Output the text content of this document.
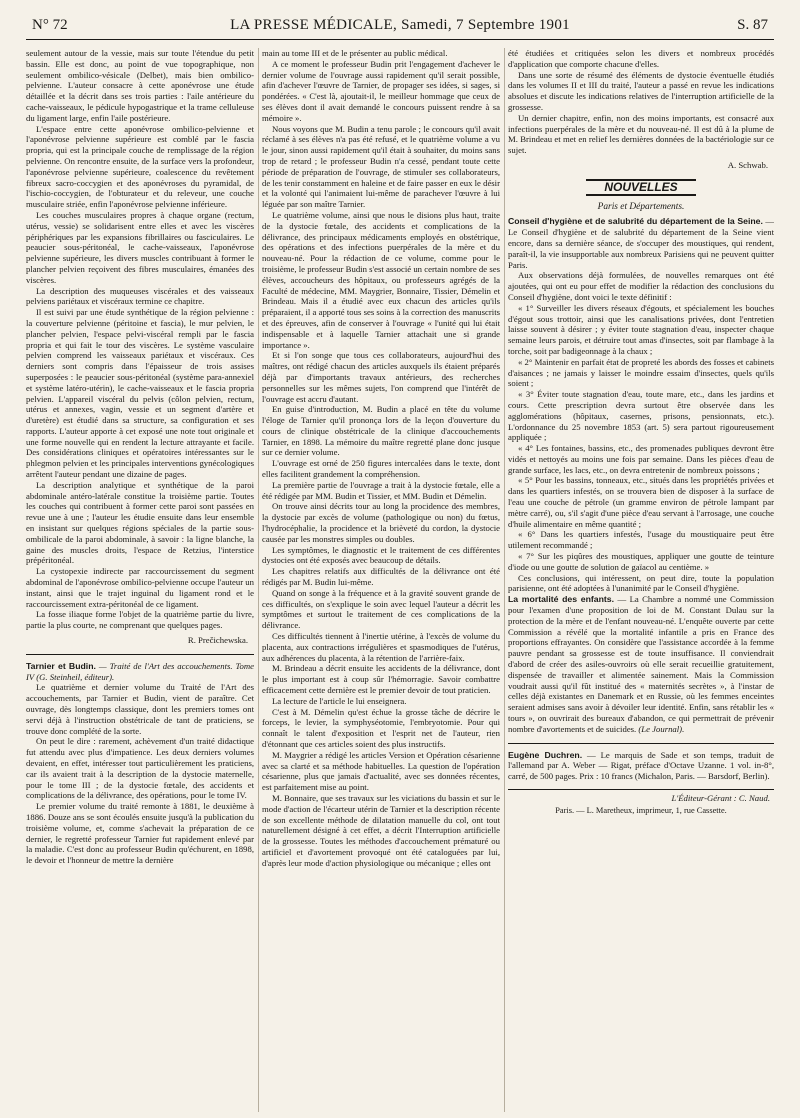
N° 72	LA PRESSE MÉDICALE, Samedi, 7 Septembre 1901	S. 87

seulement autour de la vessie, mais sur toute l'étendue du petit bassin. Elle est donc, au point de vue topographique, non seulement ombilico-vésicale (Delbet), mais bien ombilico-pelvienne. L'auteur consacre à cette aponévrose une étude détaillée et la décrit dans ses trois parties : l'aile antérieure du cache-vaisseaux, le pédicule hypogastrique et la trame celluleuse du ligament large, enfin l'aile postérieure.

L'espace entre cette aponévrose ombilico-pelvienne et l'aponévrose pelvienne supérieure est comblé par le fascia propria, qui est la principale couche de remplissage de la région pelvienne. On rencontre ensuite, de la surface vers la profondeur, l'aponévrose pelvienne supérieure, coalescence du revêtement fibreux sacro-coccygien et des aponévroses du pyramidal, de l'ischio-coccygien, de l'obturateur et du releveur, une couche musculaire striée, enfin l'aponévrose pelvienne inférieure.

Les couches musculaires propres à chaque organe (rectum, utérus, vessie) se solidarisent entre elles et avec les viscères périphériques par les expansions fibrillaires ou fasciculaires. Le peaucier sous-péritonéal, le cache-vaisseaux, l'aponévrose pelvienne supérieure, les divers muscles contribuant à former le plancher pelvien reçoivent des fibres musculaires, émanées des viscères.

La description des muqueuses viscérales et des vaisseaux pelviens pariétaux et viscéraux termine ce chapitre.

Il est suivi par une étude synthétique de la région pelvienne : la couverture pelvienne (péritoine et fascia), le mur pelvien, le plancher pelvien, l'espace pelvi-viscéral rempli par le fascia propria et qui fait le tour des viscères. Le système vasculaire pelvien comprend les vaisseaux pariétaux et viscéraux. Ces derniers sont compris dans l'épaisseur de trois assises superposées : le peaucier sous-péritonéal (système para-annexiel et système latéro-utérin), le cache-vaisseaux et le fascia propria pelvien. L'appareil viscéral du pelvis (côlon pelvien, rectum, utérus et annexes, vagin, vessie et un segment d'artère et d'uretère) est étudié dans sa structure, sa configuration et ses rapports. L'auteur apporte à cet exposé une note tout originale et une forme nouvelle qui en rendent la lecture attrayante et facile. Des considérations cliniques et opératoires intéressantes sur le phlegmon pelvien et les principales interventions gynécologiques arrêtent l'auteur pendant une dizaine de pages.

La description analytique et synthétique de la paroi abdominale antéro-latérale constitue la troisième partie. Toutes les couches qui contribuent à former cette paroi sont passées en revue une à une ; l'auteur les étudie ensuite dans leur ensemble en insistant sur quelques régions spéciales de la partie sous-ombilicale de la paroi abdominale, à savoir : la ligne blanche, la gaine des muscles droits, l'espace de Retzius, l'interstice prépéritonéal.

La cystopexie indirecte par raccourcissement du segment abdominal de l'aponévrose ombilico-pelvienne occupe l'auteur un instant, ainsi que le trajet inguinal du ligament rond et le raccourcissement extra-péritonéal de ce ligament.

La fosse iliaque forme l'objet de la quatrième partie du livre, partie la plus courte, ne comprenant que quelques pages.

R. Prečichewska.

Tarnier et Budin. — Traité de l'Art des accouchements. Tome IV (G. Steinheil, éditeur).

Le quatrième et dernier volume du Traité de l'Art des accouchements, par Tarnier et Budin, vient de paraître. Cet ouvrage, dès longtemps classique, dont les premiers tomes ont servi déjà à l'instruction obstétricale de tant de praticiens, se trouve donc complété de la sorte.

On peut le dire : rarement, achèvement d'un traité didactique fut attendu avec plus d'impatience. Les deux derniers volumes devaient, en effet, intéresser tout particulièrement les praticiens, car ils avaient trait à la description de la dystocie maternelle, pour le tome III ; de la dystocie fœtale, des accidents et complications de la délivrance, des opérations, pour le tome IV.

Le premier volume du traité remonte à 1881, le deuxième à 1886. Douze ans se sont écoulés ensuite jusqu'à la publication du troisième volume, et, comme s'achevait la préparation de ce dernier, le regretté professeur Tarnier fut rapidement enlevé par la maladie. C'est donc au professeur Budin qu'échurent, en 1898, le devoir et l'honneur de mettre la dernière

main au tome III et de le présenter au public médical.

A ce moment le professeur Budin prit l'engagement d'achever le dernier volume de l'ouvrage aussi rapidement qu'il serait possible, afin d'achever l'œuvre de Tarnier, de propager ses idées, si sages, si pondérées. « C'est là, ajoutait-il, le meilleur hommage que ceux de ses élèves dont il avait demandé le concours puissent rendre à sa mémoire ».

Nous voyons que M. Budin a tenu parole ; le concours qu'il avait réclamé à ses élèves n'a pas été refusé, et le quatrième volume a vu le jour, sinon aussi rapidement qu'il était à souhaiter, du moins sans trop de retard ; le professeur Budin n'a cessé, pendant toute cette période de préparation de l'ouvrage, de stimuler ses collaborateurs, de les tenir constamment en haleine et de faire passer en eux le désir et la volonté qui l'animaient lui-même de parachever l'œuvre à lui léguée par son maître Tarnier.

Le quatrième volume, ainsi que nous le disions plus haut, traite de la dystocie fœtale, des accidents et complications de la délivrance, des principaux médicaments employés en obstétrique, des opérations et des infections puerpérales de la mère et du nouveau-né. Pour la rédaction de ce volume, comme pour le troisième, le professeur Budin s'est associé un certain nombre de ses élèves, accoucheurs des hôpitaux, ou professeurs agrégés de la Faculté de médecine, MM. Maygrier, Bonnaire, Tissier, Démelin et Brindeau. Mais il a étudié avec eux chacun des articles qu'ils préparaient, il a apporté tous ses soins à la correction des manuscrits et des épreuves, afin de conserver à l'ouvrage « l'unité qui lui était indispensable et à laquelle Tarnier attachait une si grande importance ».

Et si l'on songe que tous ces collaborateurs, aujourd'hui des maîtres, ont rédigé chacun des articles auxquels ils étaient préparés déjà par d'importants travaux antérieurs, des recherches personnelles sur les mêmes sujets, l'on comprend que l'intérêt de l'ouvrage est accru d'autant.

En guise d'introduction, M. Budin a placé en tête du volume l'éloge de Tarnier qu'il prononça lors de la leçon d'ouverture du cours de clinique obstétricale de la clinique d'accouchements Tarnier, en 1898. La mémoire du maître regretté plane donc jusque sur ce dernier volume.

L'ouvrage est orné de 250 figures intercalées dans le texte, dont elles facilitent grandement la compréhension.

La première partie de l'ouvrage a trait à la dystocie fœtale, elle a été rédigée par MM. Budin et Tissier, et MM. Budin et Démelin.

On trouve ainsi décrits tour au long la procidence des membres, la dystocie par excès de volume (pathologique ou non) du fœtus, l'hydrocéphalie, la procidence et la brièveté du cordon, la dystocie causée par les monstres simples ou doubles.

Les symptômes, le diagnostic et le traitement de ces différentes dystocies ont été exposés avec beaucoup de détails.

Les chapitres relatifs aux difficultés de la délivrance ont été rédigés par M. Budin lui-même.

Quand on songe à la fréquence et à la gravité souvent grande de ces difficultés, on s'explique le soin avec lequel l'auteur a décrit les symptômes et surtout le traitement de ces complications de la délivrance.

Ces difficultés tiennent à l'inertie utérine, à l'excès de volume du placenta, aux contractions irrégulières et spasmodiques de l'utérus, aux adhérences du placenta, à la rétention de l'arrière-faix.

M. Brindeau a décrit ensuite les accidents de la délivrance, dont le plus important est à coup sûr l'hémorragie. Savoir combattre efficacement cette dernière est le premier devoir de tout praticien.

La lecture de l'article le lui enseignera.

C'est à M. Démelin qu'est échue la grosse tâche de décrire le forceps, le levier, la symphyséotomie, l'embryotomie. Pour qui connaît le talent d'exposition et l'esprit net de l'auteur, rien d'étonnant que ces articles soient des plus instructifs.

M. Maygrier a rédigé les articles Version et Opération césarienne avec sa clarté et sa méthode habituelles. La question de l'opération césarienne, plus que jamais d'actualité, avec ses données récentes, est parfaitement mise au point.

M. Bonnaire, que ses travaux sur les viciations du bassin et sur le mode d'action de l'écarteur utérin de Tarnier et la description récente de son excellente méthode de dilatation manuelle du col, ont tout naturellement désigné à cet effet, a décrit l'Interruption artificielle de la grossesse. Toutes les méthodes d'accouchement prématuré ou artificiel et d'avortement provoqué ont été cataloguées par lui, d'après leur mode d'action physiologique ou mécanique ; elles ont

été étudiées et critiquées selon les divers et nombreux procédés d'application que comporte chacune d'elles.

Dans une sorte de résumé des éléments de dystocie éventuelle étudiés dans les volumes II et III du traité, l'auteur a passé en revue les indications absolues et discute les indications relatives de l'interruption artificielle de la grossesse.

Un dernier chapitre, enfin, non des moins importants, est consacré aux infections puerpérales de la mère et du nouveau-né. Il est dû à la plume de M. Brindeau et met en relief les dernières données de la bactériologie sur ce sujet.

A. Schwab.

NOUVELLES
Paris et Départements.

Conseil d'hygiène et de salubrité du département de la Seine. — Le Conseil d'hygiène et de salubrité du département de la Seine vient encore, dans sa dernière séance, de s'occuper des moustiques, qui rendent, paraît-il, la vie insupportable aux nombreux Parisiens qui ne peuvent quitter Paris.

Aux observations déjà formulées, de nouvelles remarques ont été ajoutées, qui ont eu pour effet de modifier la rédaction des conclusions du Conseil d'hygiène, dont voici le texte définitif :

« 1° Surveiller les divers réseaux d'égouts, et spécialement les bouches d'égout sous trottoir, ainsi que les canalisations privées, dont l'entretien laisse souvent à désirer ; y éviter toute stagnation d'eau, inspecter chaque semaine leurs parois, et détruire tout amas d'insectes, soit par flambage à la torche, soit par badigeonnage à la chaux ;

« 2° Maintenir en parfait état de propreté les abords des fosses et cabinets d'aisances ; ne jamais y laisser le moindre essaim d'insectes, quels qu'ils soient ;

« 3° Éviter toute stagnation d'eau, toute mare, etc., dans les jardins et cours. Cette prescription devra surtout être observée dans les agglomérations (hôpitaux, casernes, prisons, pensionnats, etc.). L'ordonnance du 25 novembre 1853 (art. 5) sera partout rigoureusement appliquée ;

« 4° Les fontaines, bassins, etc., des promenades publiques devront être vidés et nettoyés au moins une fois par semaine. Dans les pièces d'eau de grande surface, les lacs, etc., on devra entretenir de nombreux poissons ;

« 5° Pour les bassins, tonneaux, etc., situés dans les propriétés privées et dans les quartiers infestés, on se trouvera bien de disposer à la surface de l'eau une couche de pétrole (un gramme environ de pétrole lampant par mètre carré), ou, s'il s'agit d'une pièce d'eau servant à l'arrosage, une couche d'huile alimentaire en même quantité ;

« 6° Dans les quartiers infestés, l'usage du moustiquaire peut être utilement recommandé ;

« 7° Sur les piqûres des moustiques, appliquer une goutte de teinture d'iode ou une goutte de solution de gaïacol au centième. »

Ces conclusions, qui intéressent, on peut dire, toute la population parisienne, ont été adoptées à l'unanimité par le Conseil d'hygiène.

La mortalité des enfants. — La Chambre a nommé une Commission pour l'examen d'une proposition de loi de M. Constant Dulau sur la protection de la mère et de l'enfant nouveau-né. L'enquête ouverte par cette Commission a révélé que la mortalité infantile a pris en France des proportions effrayantes. On considère que l'assistance accordée à la femme pauvre pendant sa grossesse est de toute insuffisance. Il conviendrait d'abord de créer des asiles-ouvroirs où elle serait recueillie gratuitement, dispensée de travailler et alimentée sainement. Mais la Commission voudrait aussi qu'il fût institué des « maternités secrètes », à l'instar de celles déjà existantes en Danemark et en Russie, où les femmes enceintes seraient admises sans avoir à dévoiler leur identité. Enfin, sans rétablir les « tours », on ouvrirait des bureaux d'abandon, ce qui permettrait de prévenir nombre d'avortements et de suicides. (Le Journal).

Eugène Duchren. — Le marquis de Sade et son temps, traduit de l'allemand par A. Weber — Rigat, préface d'Octave Uzanne. 1 vol. in-8°, carré, de 500 pages. Prix : 10 francs (Michalon, Paris. — Barsdorf, Berlin).

L'Éditeur-Gérant : C. Naud.
Paris. — L. Maretheux, imprimeur, 1, rue Cassette.
